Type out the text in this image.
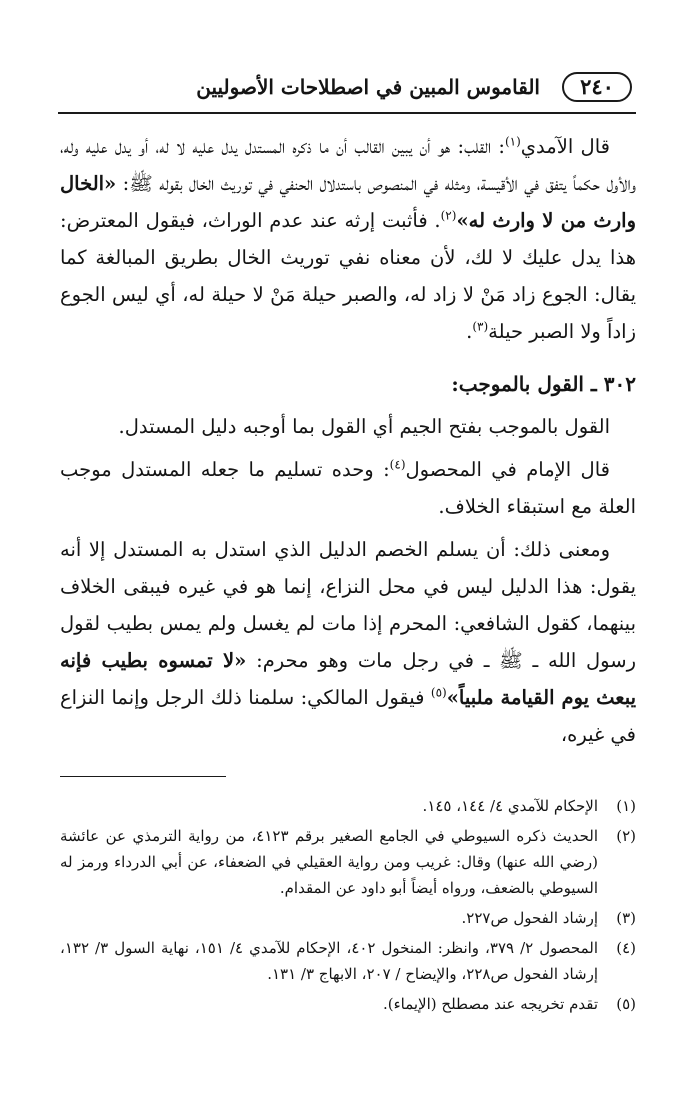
٢٤٠
القاموس المبين في اصطلاحات الأصوليين

قال الآمدي$^{(١)}$: القلب: هو أن يبين القالب أن ما ذكره المستدل يدل عليه لا له، أو يدل عليه وله، والأول حكماً يتفق في الأقيسة، ومثله في المنصوص باستدلال الحنفي في توريث الخال بقوله ﷺ: «الخال وارث من لا وارث له»$^{(٢)}$. فأثبت إرثه عند عدم الوراث، فيقول المعترض: هذا يدل عليك لا لك، لأن معناه نفي توريث الخال بطريق المبالغة كما يقال: الجوع زاد مَنْ لا زاد له، والصبر حيلة مَنْ لا حيلة له، أي ليس الجوع زاداً ولا الصبر حيلة$^{(٣)}$.

٣٠٢ ـ القول بالموجب:

القول بالموجب بفتح الجيم أي القول بما أوجبه دليل المستدل.

قال الإمام في المحصول$^{(٤)}$: وحده تسليم ما جعله المستدل موجب العلة مع استبقاء الخلاف.

ومعنى ذلك: أن يسلم الخصم الدليل الذي استدل به المستدل إلا أنه يقول: هذا الدليل ليس في محل النزاع، إنما هو في غيره فيبقى الخلاف بينهما، كقول الشافعي: المحرم إذا مات لم يغسل ولم يمس بطيب لقول رسول الله ـ ﷺ ـ في رجل مات وهو محرم: «لا تمسوه بطيب فإنه يبعث يوم القيامة ملبياً»$^{(٥)}$ فيقول المالكي: سلمنا ذلك الرجل وإنما النزاع في غيره،

(١)
الإحكام للآمدي ٤/ ١٤٤، ١٤٥.
(٢)
الحديث ذكره السيوطي في الجامع الصغير برقم ٤١٢٣، من رواية الترمذي عن عائشة (رضي الله عنها) وقال: غريب ومن رواية العقيلي في الضعفاء، عن أبي الدرداء ورمز له السيوطي بالضعف، ورواه أيضاً أبو داود عن المقدام.
(٣)
إرشاد الفحول ص٢٢٧.
(٤)
المحصول ٢/ ٣٧٩، وانظر: المنخول ٤٠٢، الإحكام للآمدي ٤/ ١٥١، نهاية السول ٣/ ١٣٢، إرشاد الفحول ص٢٢٨، والإيضاح / ٢٠٧، الابهاج ٣/ ١٣١.
(٥)
تقدم تخريجه عند مصطلح (الإيماء).
